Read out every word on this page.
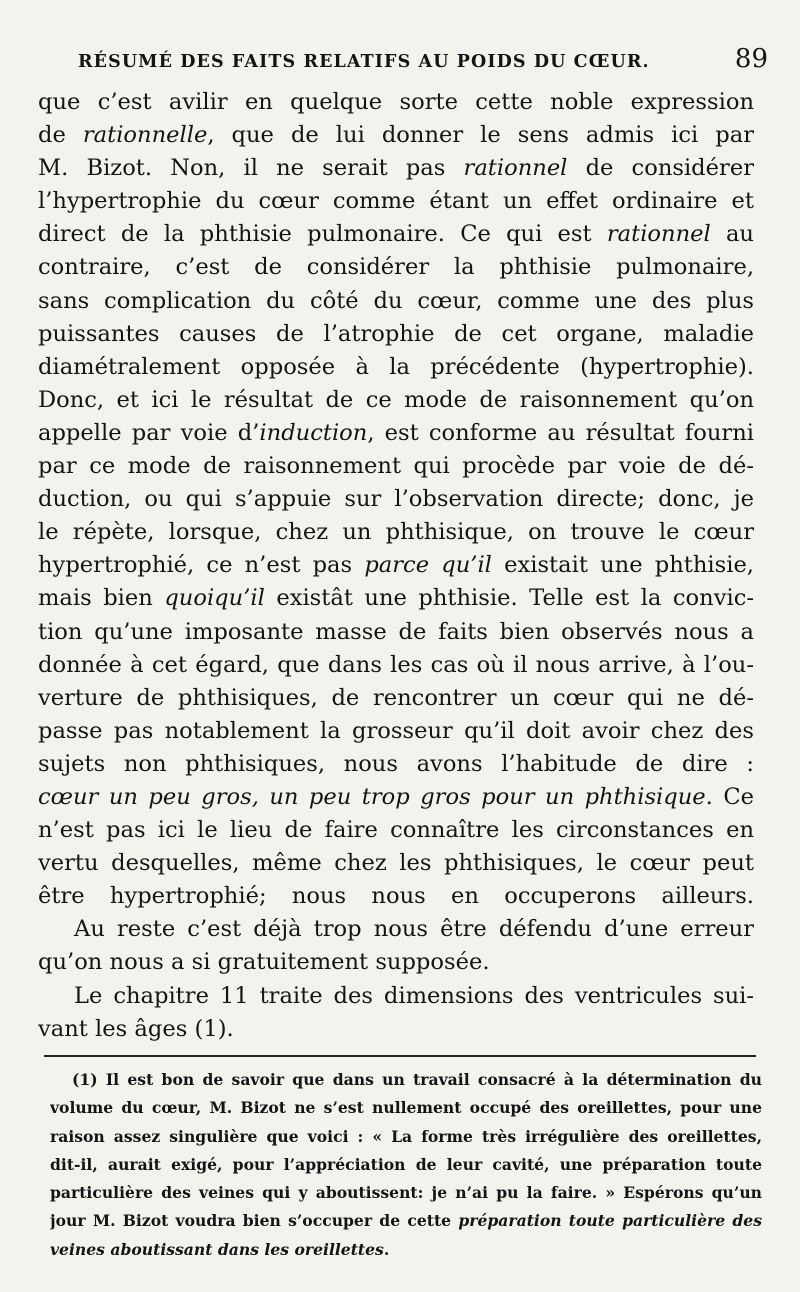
RÉSUMÉ DES FAITS RELATIFS AU POIDS DU CŒUR.	89
que c’est avilir en quelque sorte cette noble expression
de rationnelle, que de lui donner le sens admis ici par
M. Bizot. Non, il ne serait pas rationnel de considérer
l’hypertrophie du cœur comme étant un effet ordinaire et
direct de la phthisie pulmonaire. Ce qui est rationnel au
contraire, c’est de considérer la phthisie pulmonaire,
sans complication du côté du cœur, comme une des plus
puissantes causes de l’atrophie de cet organe, maladie
diamétralement opposée à la précédente (hypertrophie).
Donc, et ici le résultat de ce mode de raisonnement qu’on
appelle par voie d’induction, est conforme au résultat fourni
par ce mode de raisonnement qui procède par voie de dé-
duction, ou qui s’appuie sur l’observation directe; donc, je
le répète, lorsque, chez un phthisique, on trouve le cœur
hypertrophié, ce n’est pas parce qu’il existait une phthisie,
mais bien quoiqu’il existât une phthisie. Telle est la convic-
tion qu’une imposante masse de faits bien observés nous a
donnée à cet égard, que dans les cas où il nous arrive, à l’ou-
verture de phthisiques, de rencontrer un cœur qui ne dé-
passe pas notablement la grosseur qu’il doit avoir chez des
sujets non phthisiques, nous avons l’habitude de dire :
cœur un peu gros, un peu trop gros pour un phthisique. Ce
n’est pas ici le lieu de faire connaître les circonstances en
vertu desquelles, même chez les phthisiques, le cœur peut
être hypertrophié; nous nous en occuperons ailleurs.
Au reste c’est déjà trop nous être défendu d’une erreur
qu’on nous a si gratuitement supposée.
Le chapitre 11 traite des dimensions des ventricules sui-
vant les âges (1).
(1) Il est bon de savoir que dans un travail consacré à la détermination du
volume du cœur, M. Bizot ne s’est nullement occupé des oreillettes, pour une
raison assez singulière que voici : « La forme très irrégulière des oreillettes,
dit-il, aurait exigé, pour l’appréciation de leur cavité, une préparation toute
particulière des veines qui y aboutissent: je n’ai pu la faire. » Espérons qu’un
jour M. Bizot voudra bien s’occuper de cette préparation toute particulière des
veines aboutissant dans les oreillettes.
